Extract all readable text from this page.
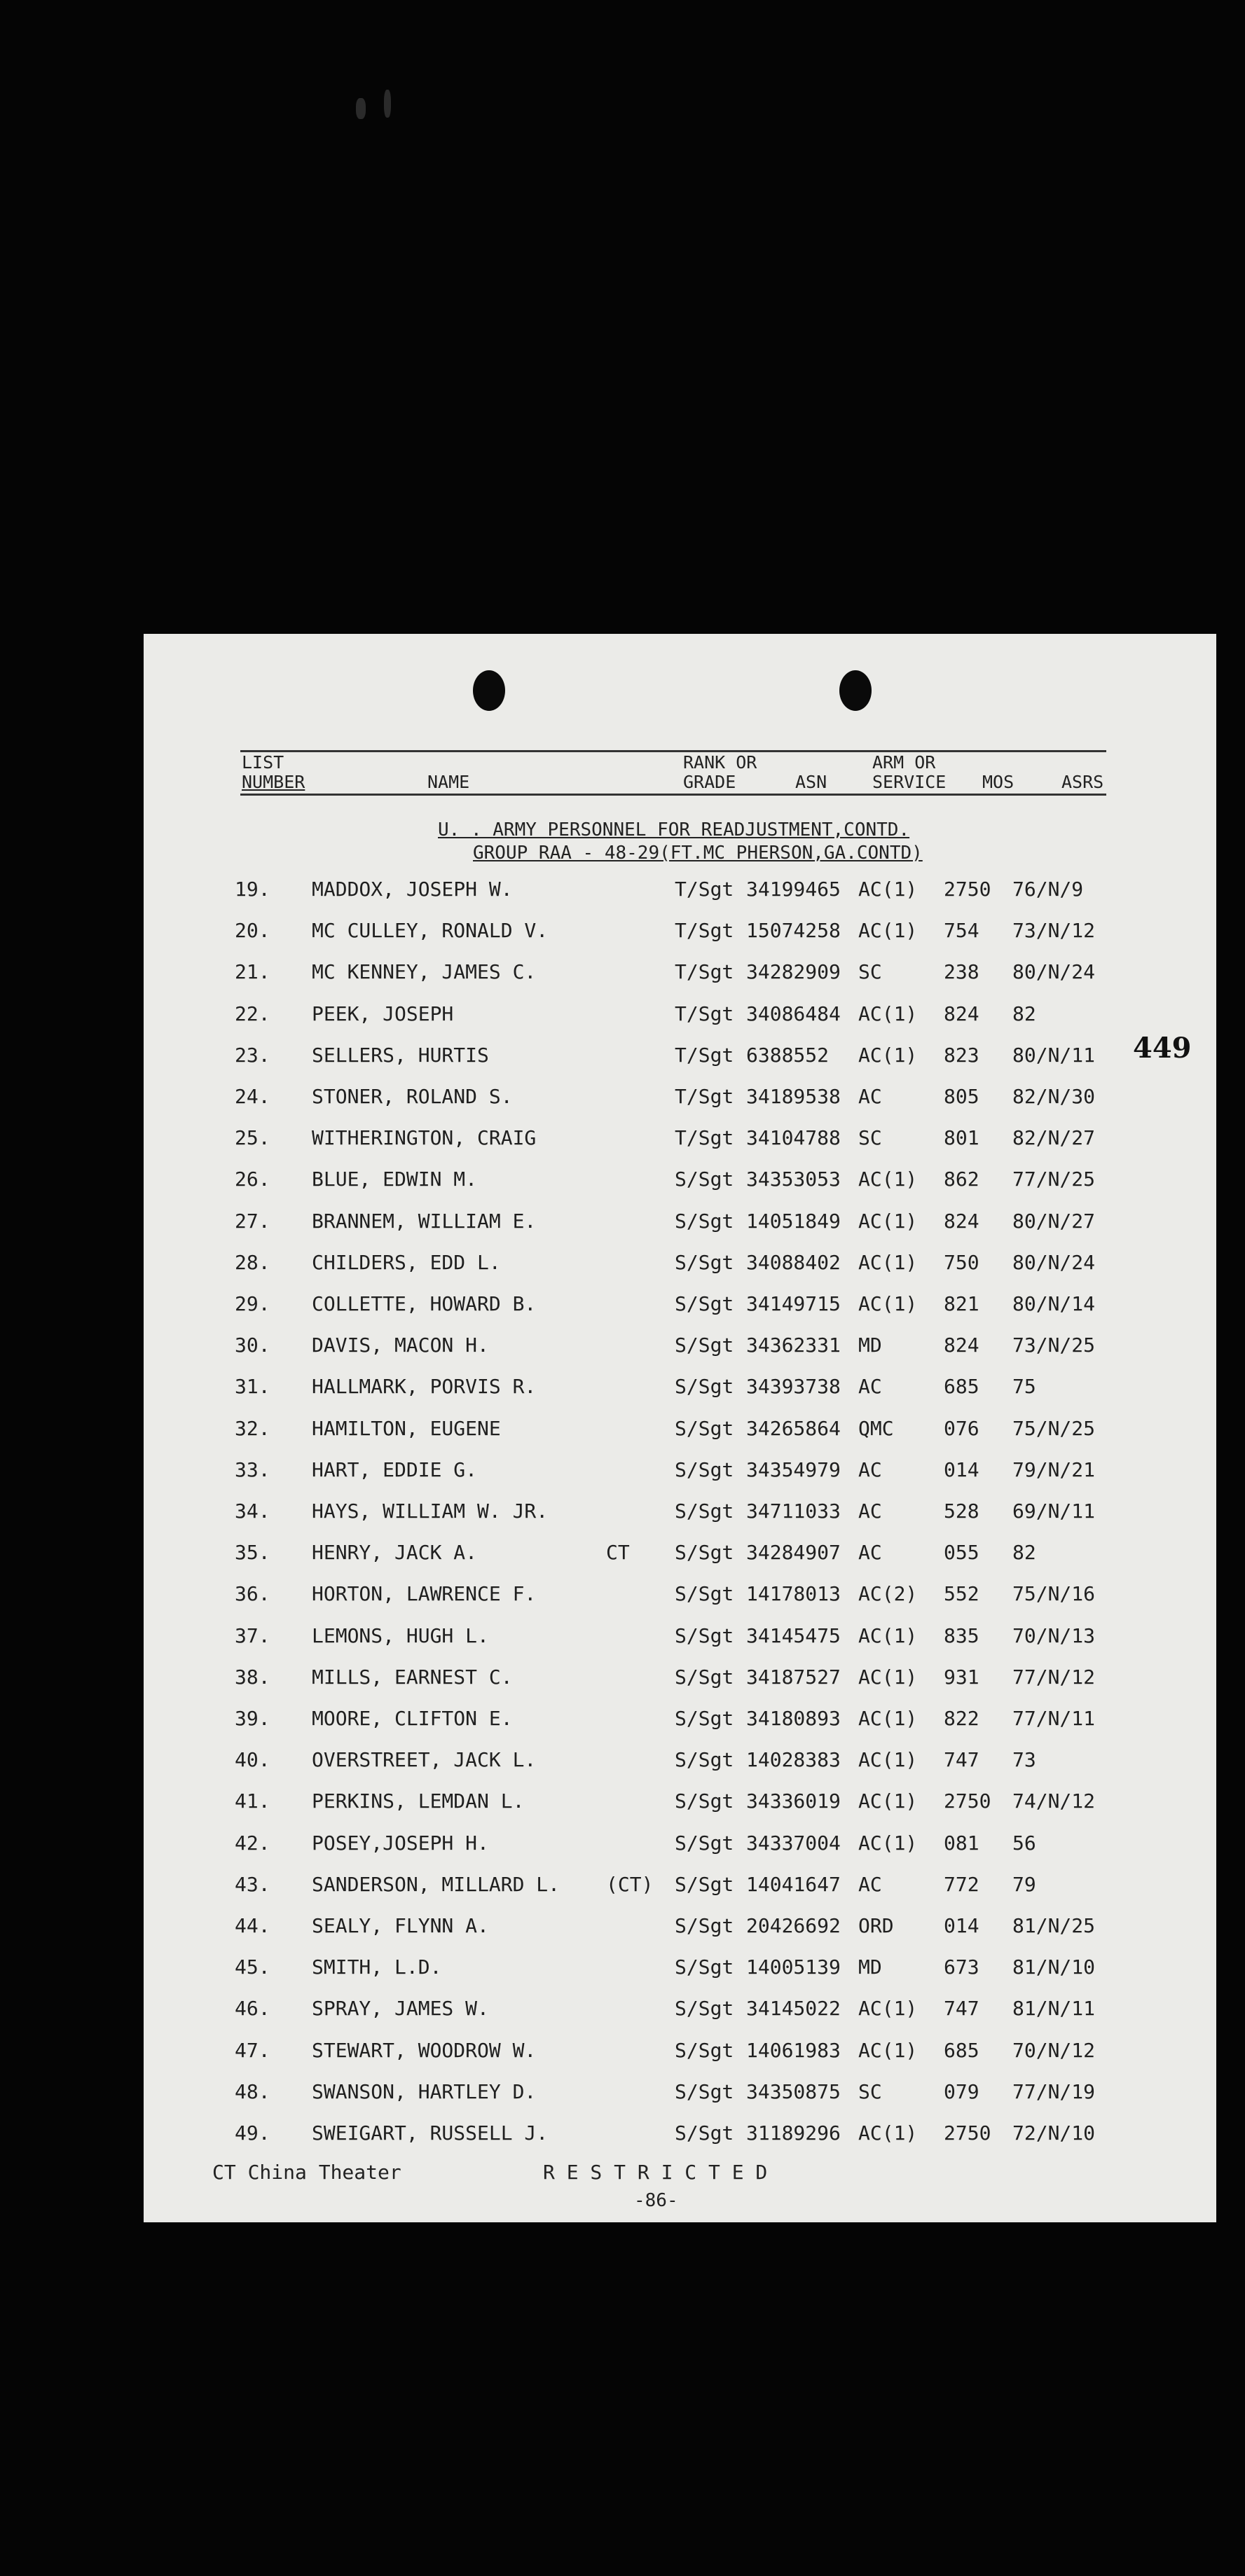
LIST
NUMBER	NAME
RANK OR
GRADE	ASN
ARM OR
SERVICE MOS	ASRS
U. . ARMY PERSONNEL FOR READJUSTMENT,CONTD.
GROUP RAA - 48-29(FT.MC PHERSON,GA.CONTD)
449
19. MADDOX, JOSEPH W.	T/Sgt 34199465 AC(1) 2750 76/N/9
20. MC CULLEY, RONALD V.	T/Sgt 15074258 AC(1) 754 73/N/12
21. MC KENNEY, JAMES C.	T/Sgt 34282909 SC	238 80/N/24
22. PEEK, JOSEPH	T/Sgt 34086484 AC(1) 824 82
23. SELLERS, HURTIS	T/Sgt 6388552 AC(1) 823 80/N/11
24. STONER, ROLAND S.	T/Sgt 34189538 AC	805 82/N/30
25. WITHERINGTON, CRAIG	T/Sgt 34104788 SC	801 82/N/27
26. BLUE, EDWIN M.	S/Sgt 34353053 AC(1) 862 77/N/25
27. BRANNEM, WILLIAM E.	S/Sgt 14051849 AC(1) 824 80/N/27
28. CHILDERS, EDD L.	S/Sgt 34088402 AC(1) 750 80/N/24
29. COLLETTE, HOWARD B.	S/Sgt 34149715 AC(1) 821 80/N/14
30. DAVIS, MACON H.	S/Sgt 34362331 MD	824 73/N/25
31. HALLMARK, PORVIS R.	S/Sgt 34393738 AC	685 75
32. HAMILTON, EUGENE	S/Sgt 34265864 QMC	076 75/N/25
33. HART, EDDIE G.	S/Sgt 34354979 AC	014 79/N/21
34. HAYS, WILLIAM W. JR.	S/Sgt 34711033 AC	528 69/N/11
35. HENRY, JACK A.	CT S/Sgt 34284907 AC	055 82
36. HORTON, LAWRENCE F.	S/Sgt 14178013 AC(2) 552 75/N/16
37. LEMONS, HUGH L.	S/Sgt 34145475 AC(1) 835 70/N/13
38. MILLS, EARNEST C.	S/Sgt 34187527 AC(1) 931 77/N/12
39. MOORE, CLIFTON E.	S/Sgt 34180893 AC(1) 822 77/N/11
40. OVERSTREET, JACK L.	S/Sgt 14028383 AC(1) 747 73
41. PERKINS, LEMDAN L.	S/Sgt 34336019 AC(1) 2750 74/N/12
42. POSEY,JOSEPH H.	S/Sgt 34337004 AC(1) 081 56
43. SANDERSON, MILLARD L. (CT) S/Sgt 14041647 AC	772 79
44. SEALY, FLYNN A.	S/Sgt 20426692 ORD	014 81/N/25
45. SMITH, L.D.	S/Sgt 14005139 MD	673 81/N/10
46. SPRAY, JAMES W.	S/Sgt 34145022 AC(1) 747 81/N/11
47. STEWART, WOODROW W.	S/Sgt 14061983 AC(1) 685 70/N/12
48. SWANSON, HARTLEY D.	S/Sgt 34350875 SC	079 77/N/19
49. SWEIGART, RUSSELL J.	S/Sgt 31189296 AC(1) 2750 72/N/10
CT China Theater	R E S T R I C T E D
-86-
